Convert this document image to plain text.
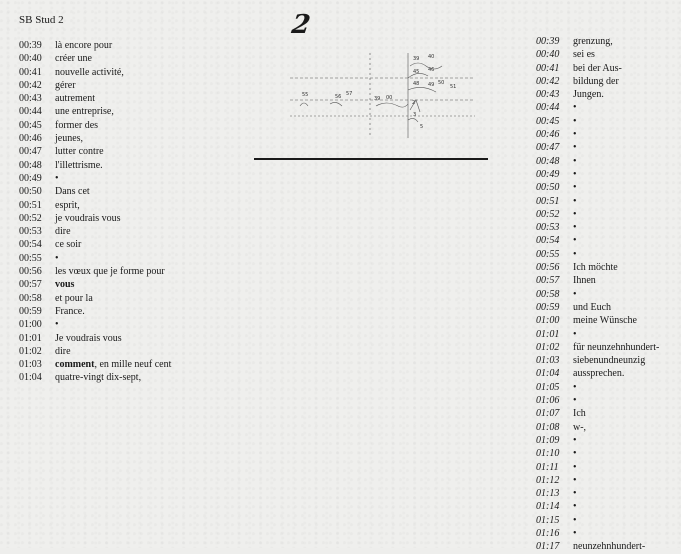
SB Stud 2	2
00:39	là encore pour
00:40	créer une
00:41	nouvelle activité,
00:42	gérer
00:43	autrement
00:44	une entreprise,
00:45	former des
00:46	jeunes,
00:47	lutter contre
00:48	l'illettrisme.
00:49	•
00:50	Dans cet
00:51	esprit,
00:52	je voudrais vous
00:53	dire
00:54	ce soir
00:55	•
00:56	les vœux que je forme pour
00:57	vous
00:58	et pour la
00:59	France.
01:00	•
01:01	Je voudrais vous
01:02	dire
01:03	comment, en mille neuf cent
01:04	quatre-vingt dix-sept,
39 40
45 46
48 49 50
51
55	56 57
39 00
2
3
5
00:39	grenzung,
00:40	sei es
00:41	bei der Aus-
00:42	bildung der
00:43	Jungen.
00:44	•
00:45	•
00:46	•
00:47	•
00:48	•
00:49	•
00:50	•
00:51	•
00:52	•
00:53	•
00:54	•
00:55	•
00:56	Ich möchte
00:57	Ihnen
00:58	•
00:59	und Euch
01:00	meine Wünsche
01:01	•
01:02	für neunzehnhundert-
01:03	siebenundneunzig
01:04	aussprechen.
01:05	•
01:06	•
01:07	Ich
01:08	w-,
01:09	•
01:10	•
01:11	•
01:12	•
01:13	•
01:14	•
01:15	•
01:16	•
01:17	neunzehnhundert-
